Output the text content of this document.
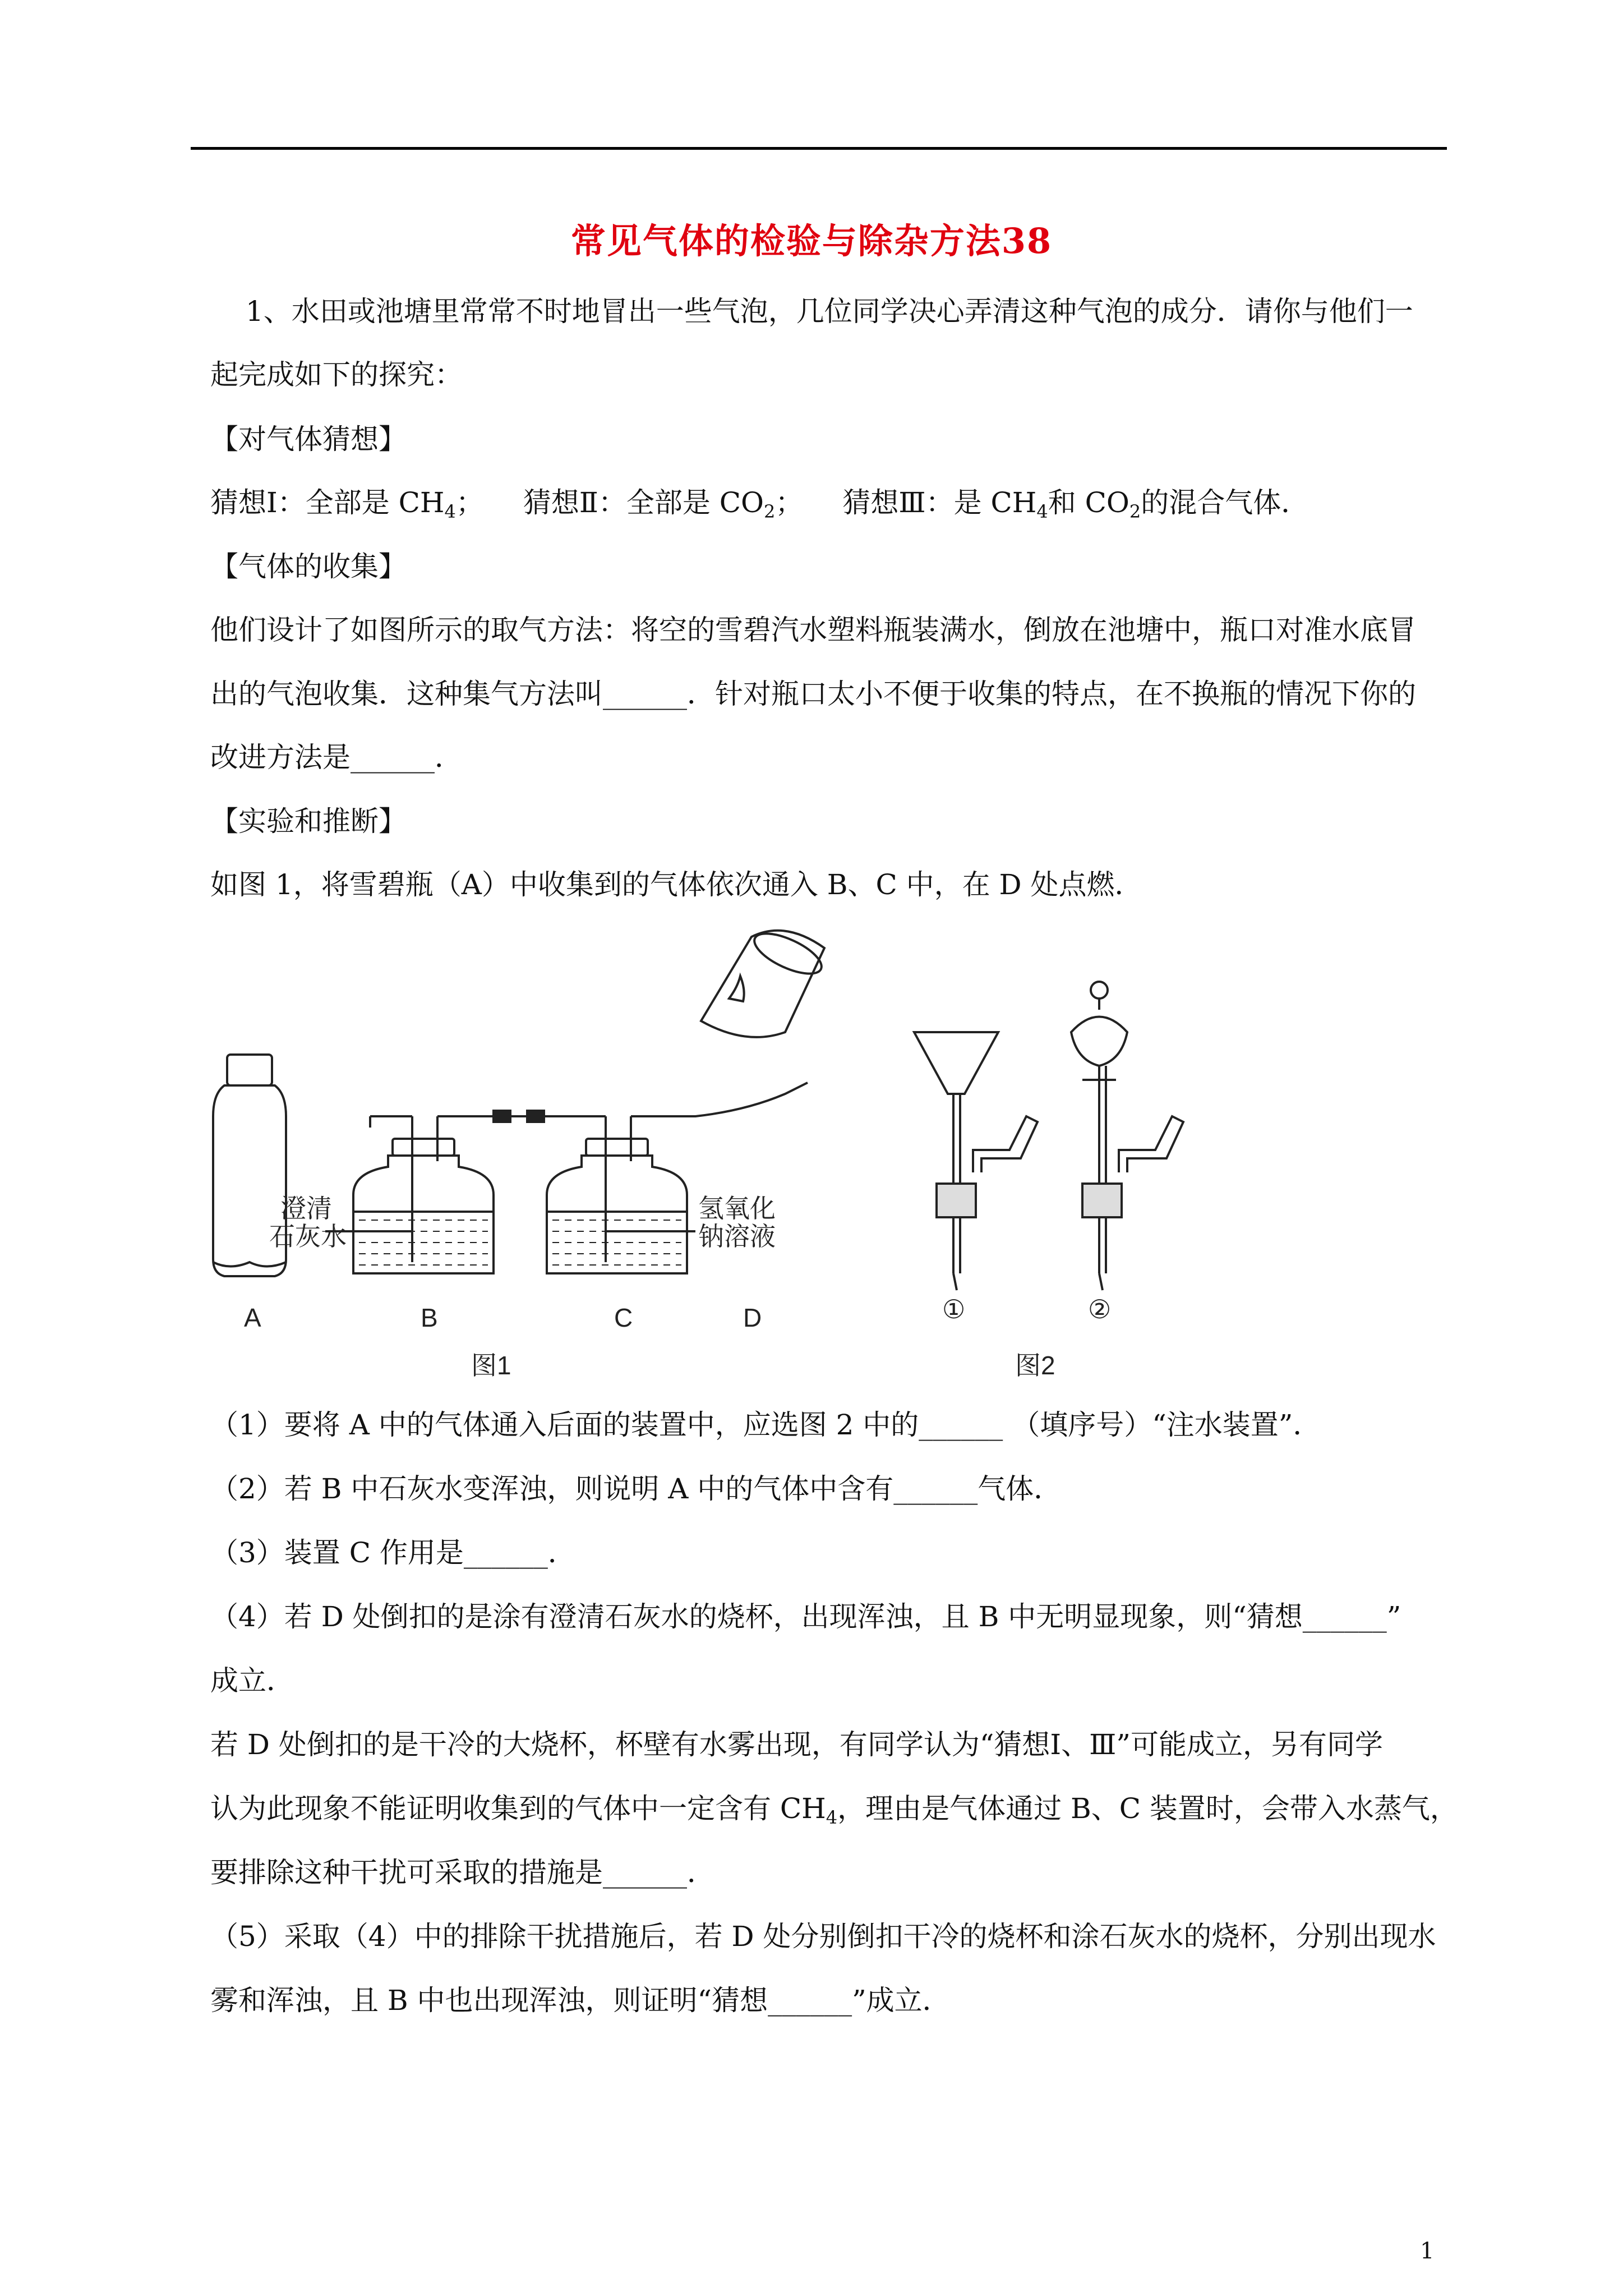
常见气体的检验与除杂方法38
1、水田或池塘里常常不时地冒出一些气泡，几位同学决心弄清这种气泡的成分．请你与他们一
起完成如下的探究：
【对气体猜想】
猜想Ⅰ：全部是 $CH_4$； 猜想Ⅱ：全部是 $CO_2$； 猜想Ⅲ：是 $CH_4$和 $CO_2$的混合气体．
【气体的收集】
他们设计了如图所示的取气方法：将空的雪碧汽水塑料瓶装满水，倒放在池塘中，瓶口对准水底冒
出的气泡收集．这种集气方法叫______．针对瓶口太小不便于收集的特点，在不换瓶的情况下你的
改进方法是______．
【实验和推断】
如图 1，将雪碧瓶（A）中收集到的气体依次通入 B、C 中，在 D 处点燃．
澄清
石灰水
氢氧化
钠溶液
A	B	C	D
图1	图2
①	②
（1）要将 A 中的气体通入后面的装置中，应选图 2 中的______ （填序号）“注水装置”．
（2）若 B 中石灰水变浑浊，则说明 A 中的气体中含有______气体．
（3）装置 C 作用是______．
（4）若 D 处倒扣的是涂有澄清石灰水的烧杯，出现浑浊，且 B 中无明显现象，则“猜想______”
成立．
若 D 处倒扣的是干冷的大烧杯，杯壁有水雾出现，有同学认为“猜想Ⅰ、Ⅲ”可能成立，另有同学
认为此现象不能证明收集到的气体中一定含有 $CH_4$，理由是气体通过 B、C 装置时，会带入水蒸气，
要排除这种干扰可采取的措施是______．
（5）采取（4）中的排除干扰措施后，若 D 处分别倒扣干冷的烧杯和涂石灰水的烧杯，分别出现水
雾和浑浊，且 B 中也出现浑浊，则证明“猜想______”成立．
1
